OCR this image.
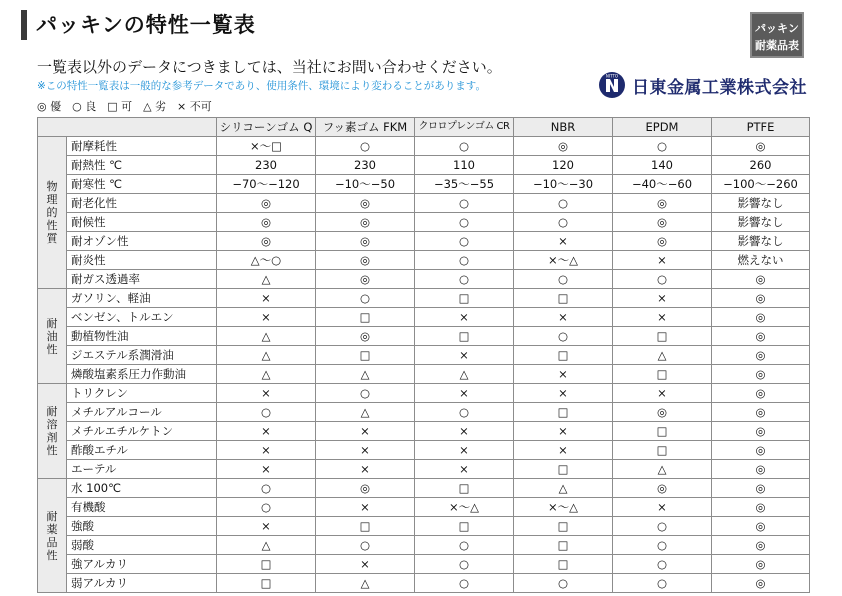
パッキンの特性一覧表	パッキン
耐薬品表
一覧表以外のデータにつきましては、当社にお問い合わせください。
※この特性一覧表は一般的な参考データであり、使用条件、環境により変わることがあります。
◎ 優　○ 良　□ 可　△ 劣　× 不可
NITTO
日東金属工業株式会社
		シリコーンゴム Q	フッ素ゴム FKM	クロロプレンゴム CR	NBR	EPDM	PTFE
物理的性質	耐摩耗性	×〜□	○	○	◎	○	◎
	耐熱性 ℃	230	230	110	120	140	260
	耐寒性 ℃	−70〜−120	−10〜−50	−35〜−55	−10〜−30	−40〜−60	−100〜−260
	耐老化性	◎	◎	○	○	◎	影響なし
	耐候性	◎	◎	○	○	◎	影響なし
	耐オゾン性	◎	◎	○	×	◎	影響なし
	耐炎性	△〜○	◎	○	×〜△	×	燃えない
	耐ガス透過率	△	◎	○	○	○	◎
耐油性	ガソリン、軽油	×	○	□	□	×	◎
	ベンゼン、トルエン	×	□	×	×	×	◎
	動植物性油	△	◎	□	○	□	◎
	ジエステル系潤滑油	△	□	×	□	△	◎
	燐酸塩素系圧力作動油	△	△	△	×	□	◎
耐溶剤性	トリクレン	×	○	×	×	×	◎
	メチルアルコール	○	△	○	□	◎	◎
	メチルエチルケトン	×	×	×	×	□	◎
	酢酸エチル	×	×	×	×	□	◎
	エーテル	×	×	×	□	△	◎
耐薬品性	水 100℃	○	◎	□	△	◎	◎
	有機酸	○	×	×〜△	×〜△	×	◎
	強酸	×	□	□	□	○	◎
	弱酸	△	○	○	□	○	◎
	強アルカリ	□	×	○	□	○	◎
	弱アルカリ	□	△	○	○	○	◎
